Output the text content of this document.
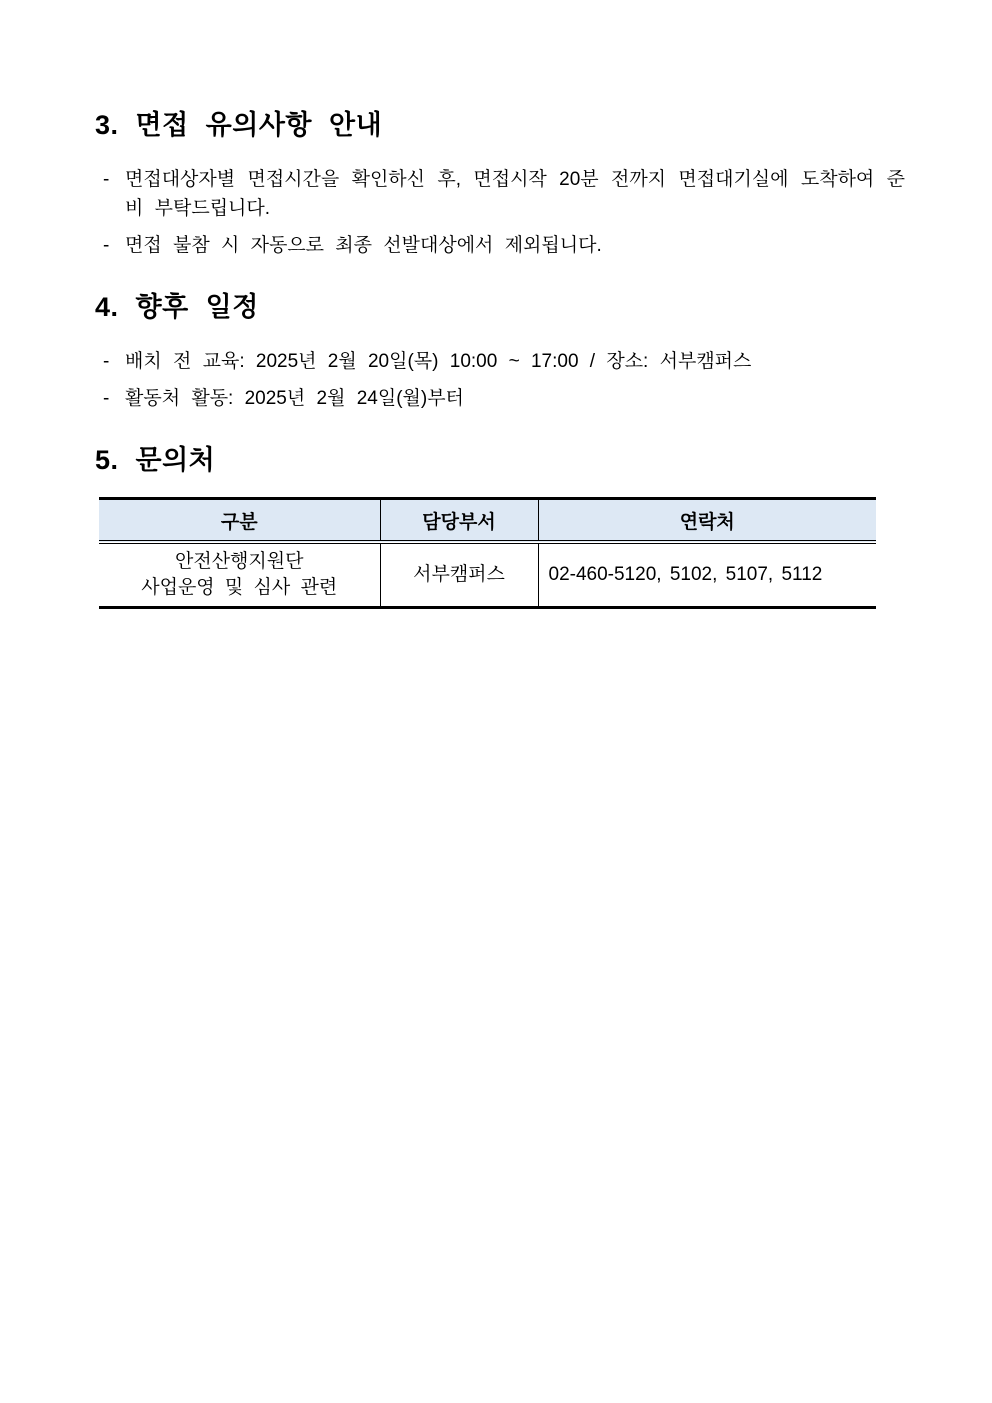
3. 면접 유의사항 안내
- 면접대상자별 면접시간을 확인하신 후, 면접시작 20분 전까지 면접대기실에 도착하여 준비 부탁드립니다.
- 면접 불참 시 자동으로 최종 선발대상에서 제외됩니다.
4. 향후 일정
- 배치 전 교육: 2025년 2월 20일(목) 10:00 ~ 17:00 / 장소: 서부캠퍼스
- 활동처 활동: 2025년 2월 24일(월)부터
5. 문의처
구분	담당부서	연락처

안전산행지원단
사업운영 및 심사 관련	서부캠퍼스	02-460-5120, 5102, 5107, 5112
